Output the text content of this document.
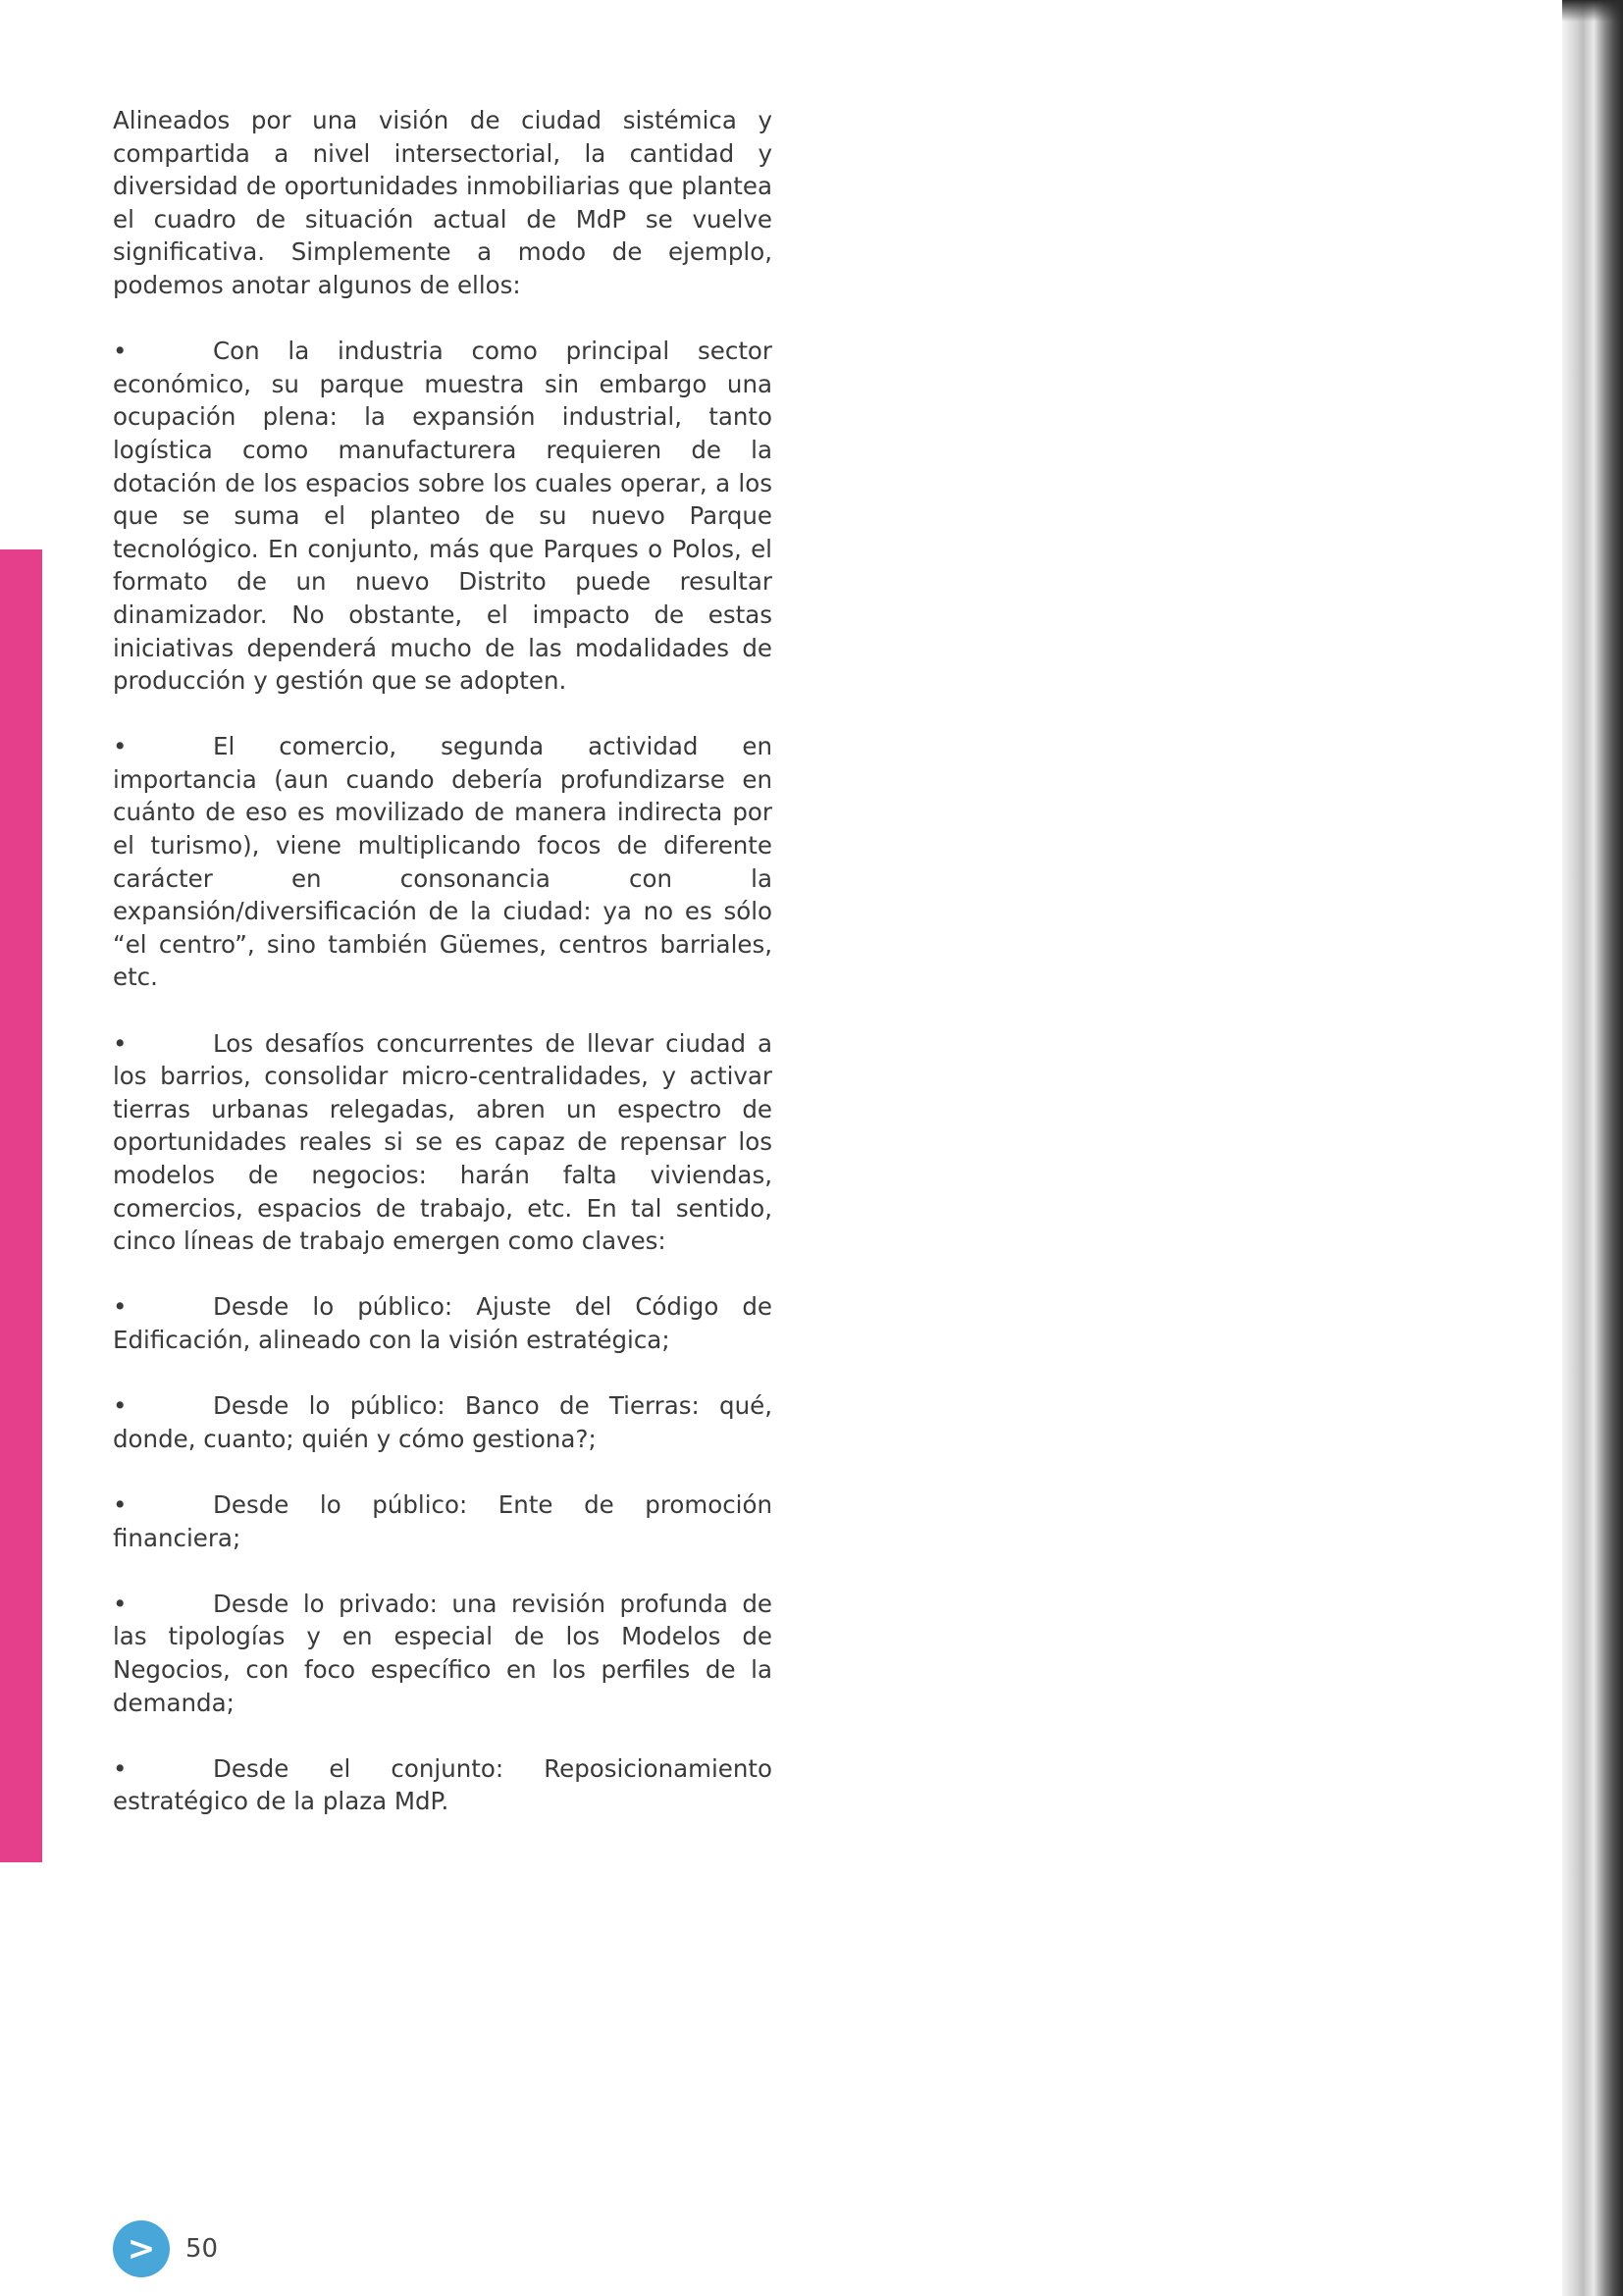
Alineados por una visión de ciudad sistémica y compartida a nivel intersectorial, la cantidad y diversidad de oportunidades inmobiliarias que plantea el cuadro de situación actual de MdP se vuelve significativa. Simplemente a modo de ejemplo, podemos anotar algunos de ellos:

•	Con la industria como principal sector económico, su parque muestra sin embargo una ocupación plena: la expansión industrial, tanto logística como manufacturera requieren de la dotación de los espacios sobre los cuales operar, a los que se suma el planteo de su nuevo Parque tecnológico. En conjunto, más que Parques o Polos, el formato de un nuevo Distrito puede resultar dinamizador. No obstante, el impacto de estas iniciativas dependerá mucho de las modalidades de producción y gestión que se adopten.

•	El comercio, segunda actividad en importancia (aun cuando debería profundizarse en cuánto de eso es movilizado de manera indirecta por el turismo), viene multiplicando focos de diferente carácter en consonancia con la expansión/diversificación de la ciudad: ya no es sólo “el centro”, sino también Güemes, centros barriales, etc.

•	Los desafíos concurrentes de llevar ciudad a los barrios, consolidar micro-centralidades, y activar tierras urbanas relegadas, abren un espectro de oportunidades reales si se es capaz de repensar los modelos de negocios: harán falta viviendas, comercios, espacios de trabajo, etc. En tal sentido, cinco líneas de trabajo emergen como claves:

•	Desde lo público: Ajuste del Código de Edificación, alineado con la visión estratégica;

•	Desde lo público: Banco de Tierras: qué, donde, cuanto; quién y cómo gestiona?;

•	Desde lo público: Ente de promoción financiera;

•	Desde lo privado: una revisión profunda de las tipologías y en especial de los Modelos de Negocios, con foco específico en los perfiles de la demanda;

•	Desde el conjunto: Reposicionamiento estratégico de la plaza MdP.

>	50
